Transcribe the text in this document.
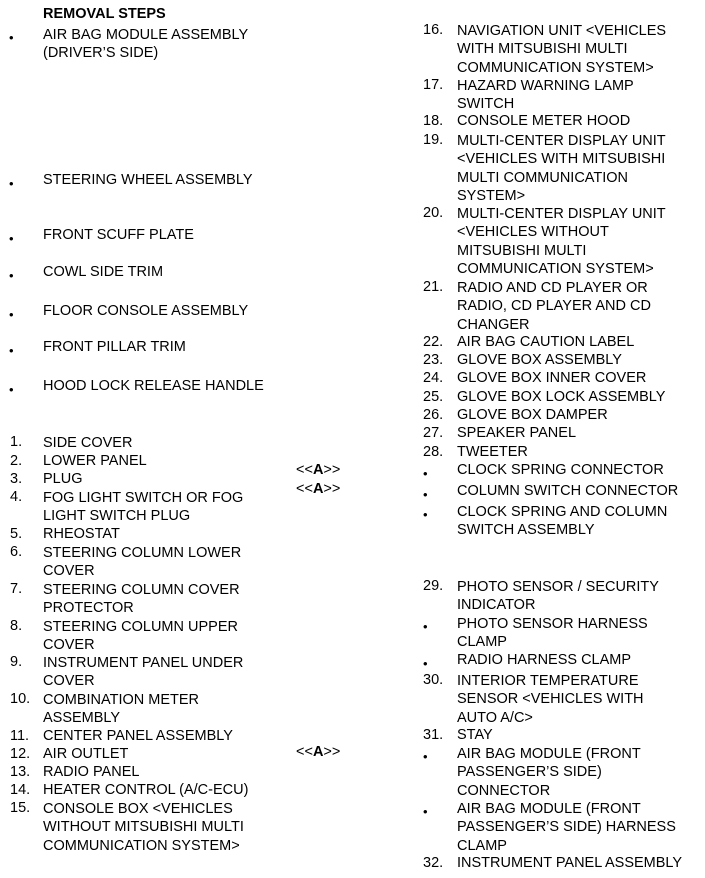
REMOVAL STEPS
• AIR BAG MODULE ASSEMBLY
(DRIVER’S SIDE)
• STEERING WHEEL ASSEMBLY
• FRONT SCUFF PLATE
• COWL SIDE TRIM
• FLOOR CONSOLE ASSEMBLY
• FRONT PILLAR TRIM
• HOOD LOCK RELEASE HANDLE
1. SIDE COVER
2. LOWER PANEL
3. PLUG
4. FOG LIGHT SWITCH OR FOG
LIGHT SWITCH PLUG
5. RHEOSTAT
6. STEERING COLUMN LOWER
COVER
7. STEERING COLUMN COVER
PROTECTOR
8. STEERING COLUMN UPPER
COVER
9. INSTRUMENT PANEL UNDER
COVER
10. COMBINATION METER
ASSEMBLY
11. CENTER PANEL ASSEMBLY
12. AIR OUTLET
13. RADIO PANEL
14. HEATER CONTROL (A/C-ECU)
15. CONSOLE BOX <VEHICLES
WITHOUT MITSUBISHI MULTI
COMMUNICATION SYSTEM>
<<A>>
<<A>>
<<A>>
16. NAVIGATION UNIT <VEHICLES
WITH MITSUBISHI MULTI
COMMUNICATION SYSTEM>
17. HAZARD WARNING LAMP
SWITCH
18. CONSOLE METER HOOD
19. MULTI-CENTER DISPLAY UNIT
<VEHICLES WITH MITSUBISHI
MULTI COMMUNICATION
SYSTEM>
20. MULTI-CENTER DISPLAY UNIT
<VEHICLES WITHOUT
MITSUBISHI MULTI
COMMUNICATION SYSTEM>
21. RADIO AND CD PLAYER OR
RADIO, CD PLAYER AND CD
CHANGER
22. AIR BAG CAUTION LABEL
23. GLOVE BOX ASSEMBLY
24. GLOVE BOX INNER COVER
25. GLOVE BOX LOCK ASSEMBLY
26. GLOVE BOX DAMPER
27. SPEAKER PANEL
28. TWEETER
• CLOCK SPRING CONNECTOR
• COLUMN SWITCH CONNECTOR
• CLOCK SPRING AND COLUMN
SWITCH ASSEMBLY
29. PHOTO SENSOR / SECURITY
INDICATOR
• PHOTO SENSOR HARNESS
CLAMP
• RADIO HARNESS CLAMP
30. INTERIOR TEMPERATURE
SENSOR <VEHICLES WITH
AUTO A/C>
31. STAY
• AIR BAG MODULE (FRONT
PASSENGER’S SIDE)
CONNECTOR
• AIR BAG MODULE (FRONT
PASSENGER’S SIDE) HARNESS
CLAMP
32. INSTRUMENT PANEL ASSEMBLY
